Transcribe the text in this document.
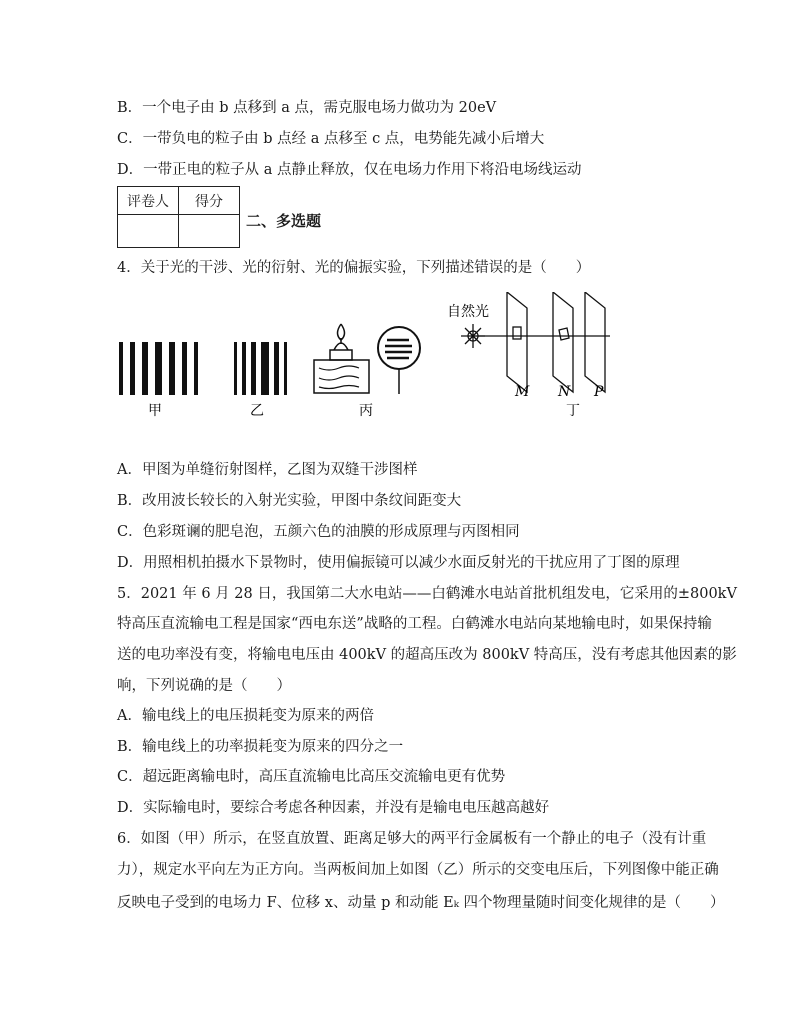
B．一个电子由 b 点移到 a 点，需克服电场力做功为 20eV
C．一带负电的粒子由 b 点经 a 点移至 c 点，电势能先减小后增大
D．一带正电的粒子从 a 点静止释放，仅在电场力作用下将沿电场线运动
评卷人	得分

二、多选题
4．关于光的干涉、光的衍射、光的偏振实验，下列描述错误的是（　　）
甲	乙	丙
自然光
M N P
丁
A．甲图为单缝衍射图样，乙图为双缝干涉图样
B．改用波长较长的入射光实验，甲图中条纹间距变大
C．色彩斑谰的肥皂泡，五颜六色的油膜的形成原理与丙图相同
D．用照相机拍摄水下景物时，使用偏振镜可以减少水面反射光的干扰应用了丁图的原理
5．2021 年 6 月 28 日，我国第二大水电站——白鹤滩水电站首批机组发电，它采用的±800kV
特高压直流输电工程是国家“西电东送”战略的工程。白鹤滩水电站向某地输电时，如果保持输
送的电功率没有变，将输电电压由 400kV 的超高压改为 800kV 特高压，没有考虑其他因素的影
响，下列说确的是（　　）
A．输电线上的电压损耗变为原来的两倍
B．输电线上的功率损耗变为原来的四分之一
C．超远距离输电时，高压直流输电比高压交流输电更有优势
D．实际输电时，要综合考虑各种因素，并没有是输电电压越高越好
6．如图（甲）所示，在竖直放置、距离足够大的两平行金属板有一个静止的电子（没有计重
力），规定水平向左为正方向。当两板间加上如图（乙）所示的交变电压后，下列图像中能正确
反映电子受到的电场力 F、位移 x、动量 p 和动能 Eₖ 四个物理量随时间变化规律的是（　　）
